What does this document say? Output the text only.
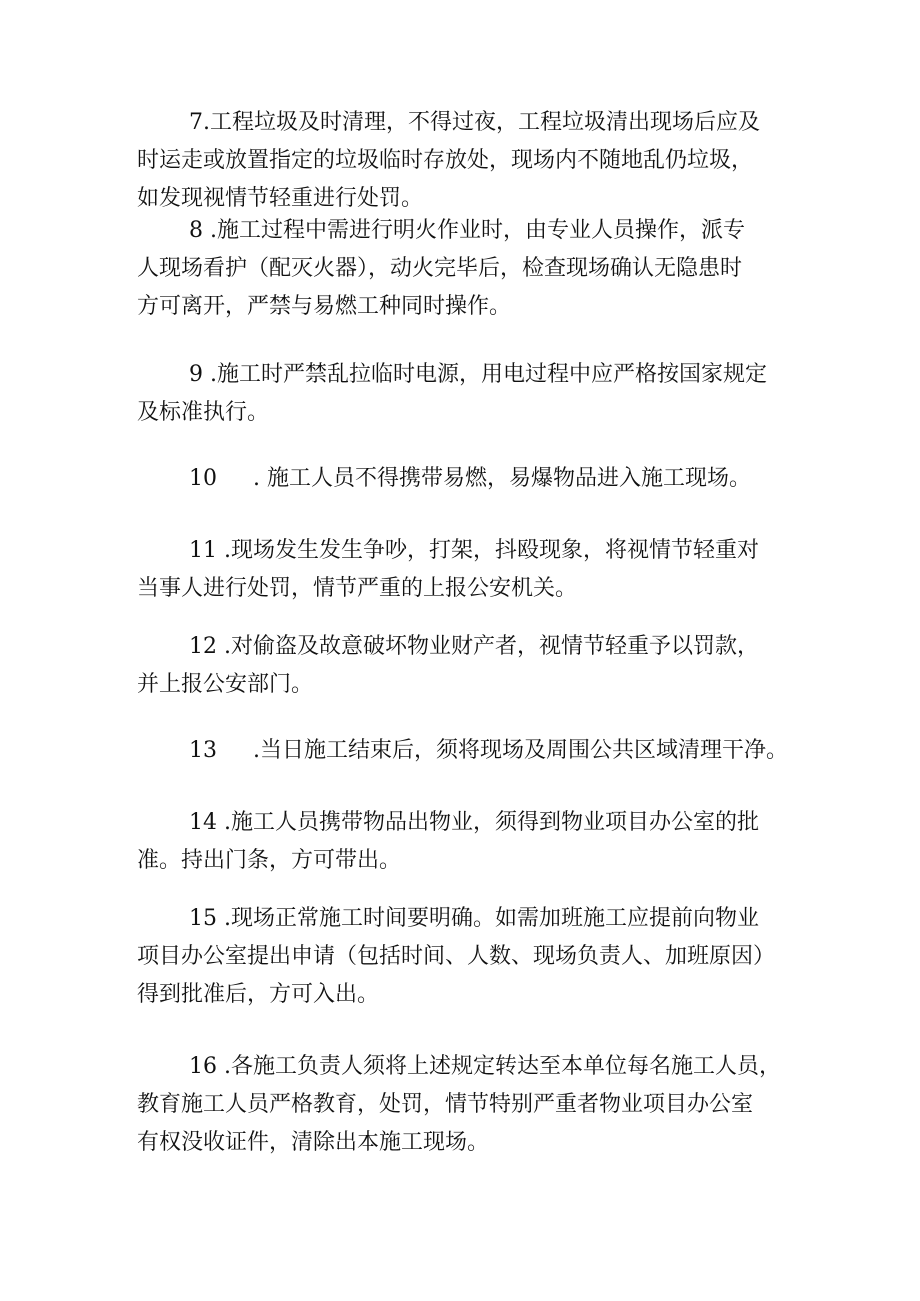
7.工程垃圾及时清理，不得过夜，工程垃圾清出现场后应及
时运走或放置指定的垃圾临时存放处，现场内不随地乱仍垃圾，
如发现视情节轻重进行处罚。
8 .施工过程中需进行明火作业时，由专业人员操作，派专
人现场看护（配灭火器），动火完毕后，检查现场确认无隐患时
方可离开，严禁与易燃工种同时操作。
9 .施工时严禁乱拉临时电源，用电过程中应严格按国家规定
及标准执行。
10 . 施工人员不得携带易燃，易爆物品进入施工现场。
11 .现场发生发生争吵，打架，抖殴现象，将视情节轻重对
当事人进行处罚，情节严重的上报公安机关。
12 .对偷盗及故意破坏物业财产者，视情节轻重予以罚款，
并上报公安部门。
13 .当日施工结束后，须将现场及周围公共区域清理干净。
14 .施工人员携带物品出物业，须得到物业项目办公室的批
准。持出门条，方可带出。
15 .现场正常施工时间要明确。如需加班施工应提前向物业
项目办公室提出申请（包括时间、人数、现场负责人、加班原因）
得到批准后，方可入出。
16 .各施工负责人须将上述规定转达至本单位每名施工人员，
教育施工人员严格教育，处罚，情节特别严重者物业项目办公室
有权没收证件，清除出本施工现场。
